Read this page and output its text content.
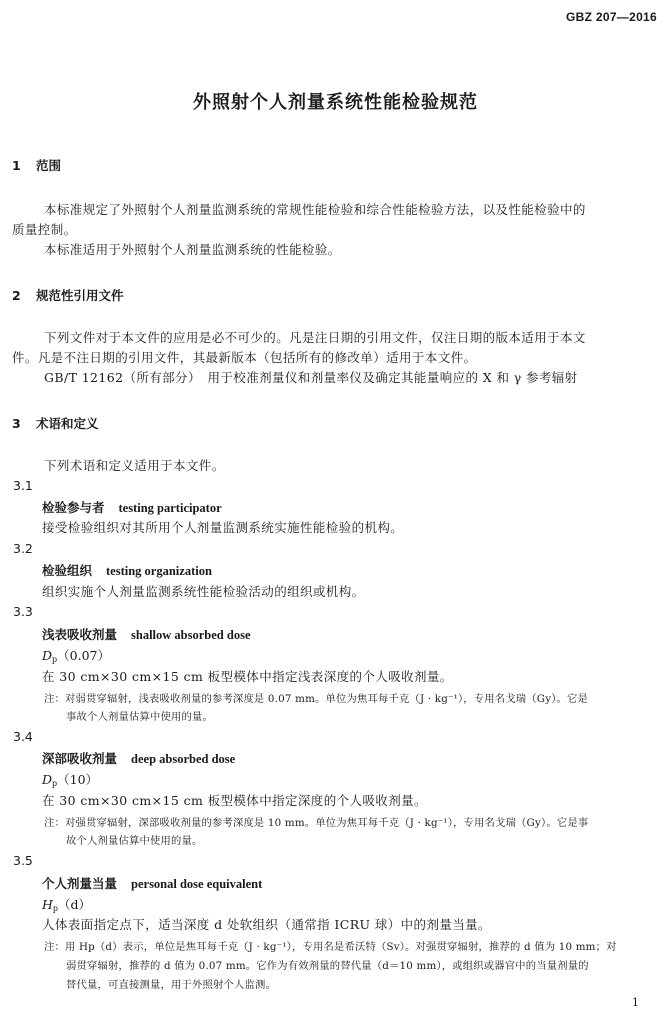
GBZ 207—2016
外照射个人剂量系统性能检验规范
1 范围
本标准规定了外照射个人剂量监测系统的常规性能检验和综合性能检验方法，以及性能检验中的
质量控制。
本标准适用于外照射个人剂量监测系统的性能检验。
2 规范性引用文件
下列文件对于本文件的应用是必不可少的。凡是注日期的引用文件，仅注日期的版本适用于本文
件。凡是不注日期的引用文件，其最新版本（包括所有的修改单）适用于本文件。
GB/T 12162（所有部分）　用于校准剂量仪和剂量率仪及确定其能量响应的 X 和 γ 参考辐射
3 术语和定义
下列术语和定义适用于本文件。
3.1
检验参与者 testing participator
接受检验组织对其所用个人剂量监测系统实施性能检验的机构。
3.2
检验组织 testing organization
组织实施个人剂量监测系统性能检验活动的组织或机构。
3.3
浅表吸收剂量 shallow absorbed dose
$D_p(0.07)$
在 30 cm×30 cm×15 cm 板型模体中指定浅表深度的个人吸收剂量。
注：对弱贯穿辐射，浅表吸收剂量的参考深度是 0.07 mm。单位为焦耳每千克（J · kg⁻¹），专用名戈瑞（Gy）。它是
事故个人剂量估算中使用的量。
3.4
深部吸收剂量 deep absorbed dose
$D_p(10)$
在 30 cm×30 cm×15 cm 板型模体中指定深度的个人吸收剂量。
注：对强贯穿辐射，深部吸收剂量的参考深度是 10 mm。单位为焦耳每千克（J · kg⁻¹），专用名戈瑞（Gy）。它是事
故个人剂量估算中使用的量。
3.5
个人剂量当量 personal dose equivalent
$H_p(d)$
人体表面指定点下，适当深度 d 处软组织（通常指 ICRU 球）中的剂量当量。
注：用 Hp（d）表示，单位是焦耳每千克（J · kg⁻¹），专用名是希沃特（Sv）。对强贯穿辐射，推荐的 d 值为 10 mm；对
弱贯穿辐射，推荐的 d 值为 0.07 mm。它作为有效剂量的替代量（d＝10 mm），或组织或器官中的当量剂量的
替代量，可直接测量，用于外照射个人监测。
1
